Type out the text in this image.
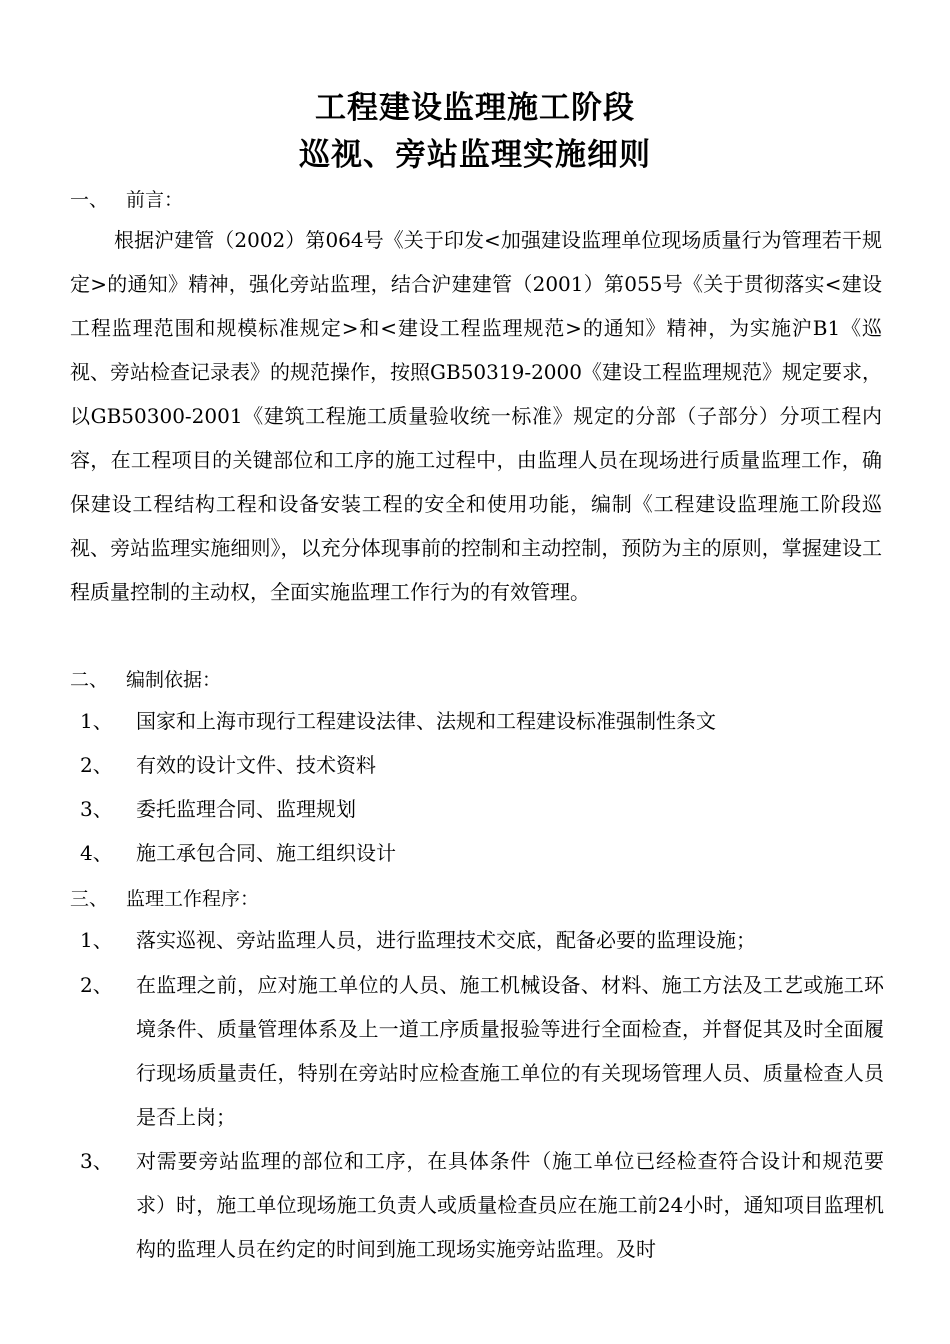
工程建设监理施工阶段
巡视、旁站监理实施细则
一、 前言：

根据沪建管（2002）第064号《关于印发<加强建设监理单位现场质量行为管理若干规定>的通知》精神，强化旁站监理，结合沪建建管（2001）第055号《关于贯彻落实<建设工程监理范围和规模标准规定>和<建设工程监理规范>的通知》精神，为实施沪B1《巡视、旁站检查记录表》的规范操作，按照GB50319-2000《建设工程监理规范》规定要求，以GB50300-2001《建筑工程施工质量验收统一标准》规定的分部（子部分）分项工程内容，在工程项目的关键部位和工序的施工过程中，由监理人员在现场进行质量监理工作，确保建设工程结构工程和设备安装工程的安全和使用功能，编制《工程建设监理施工阶段巡视、旁站监理实施细则》，以充分体现事前的控制和主动控制，预防为主的原则，掌握建设工程质量控制的主动权，全面实施监理工作行为的有效管理。

二、 编制依据：
1、 国家和上海市现行工程建设法律、法规和工程建设标准强制性条文
2、 有效的设计文件、技术资料
3、 委托监理合同、监理规划
4、 施工承包合同、施工组织设计
三、 监理工作程序：
1、 落实巡视、旁站监理人员，进行监理技术交底，配备必要的监理设施；
2、 在监理之前，应对施工单位的人员、施工机械设备、材料、施工方法及工艺或施工环境条件、质量管理体系及上一道工序质量报验等进行全面检查，并督促其及时全面履行现场质量责任，特别在旁站时应检查施工单位的有关现场管理人员、质量检查人员是否上岗；
3、 对需要旁站监理的部位和工序，在具体条件（施工单位已经检查符合设计和规范要求）时，施工单位现场施工负责人或质量检查员应在施工前24小时，通知项目监理机构的监理人员在约定的时间到施工现场实施旁站监理。及时
